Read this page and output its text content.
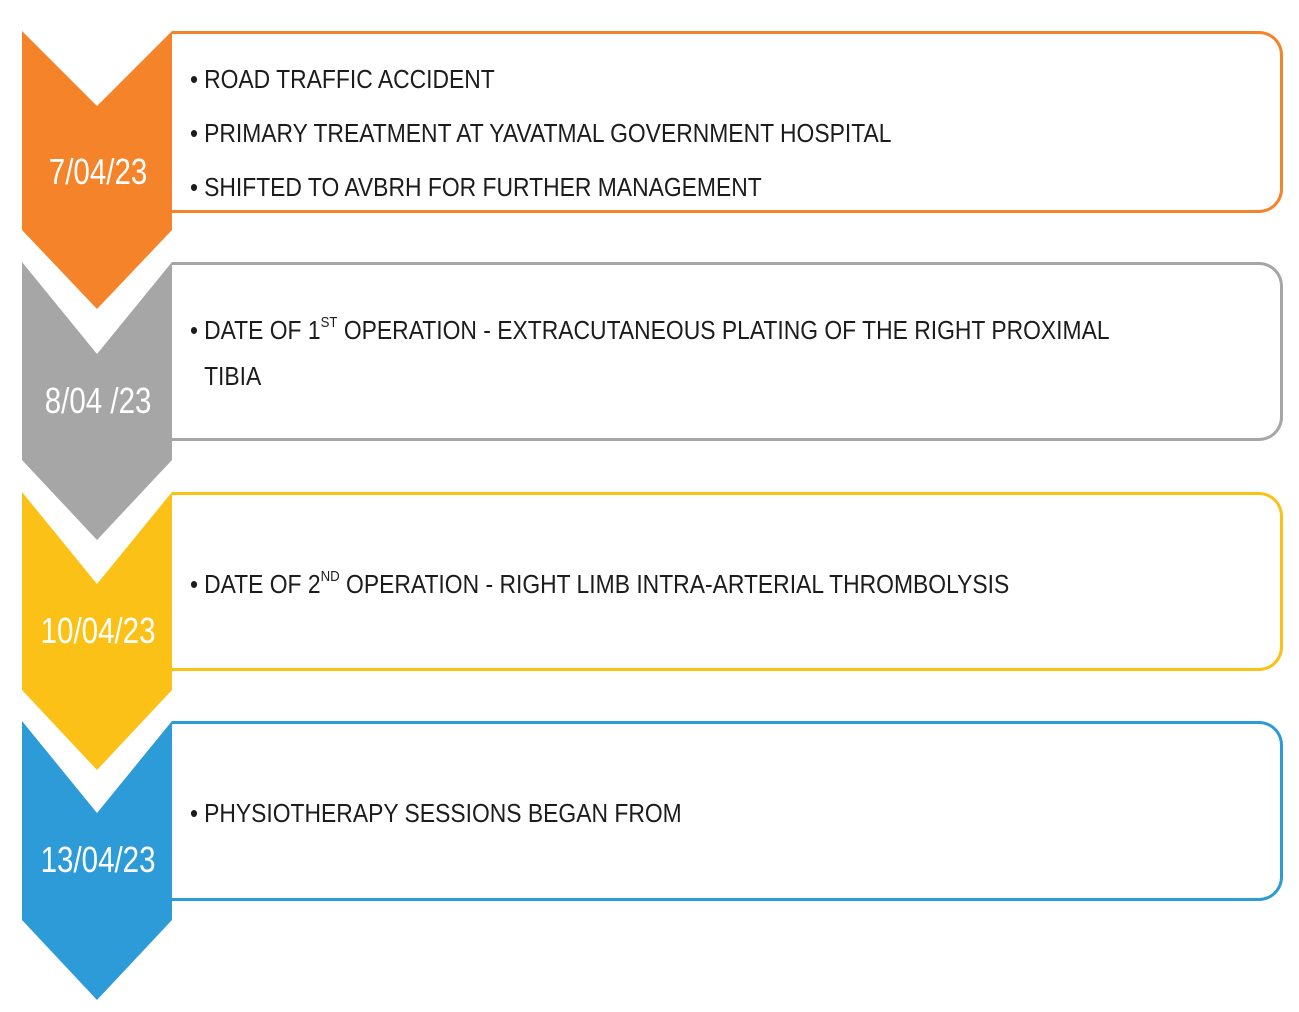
7/04/23
8/04 /23
10/04/23
13/04/23
• ROAD TRAFFIC ACCIDENT
• PRIMARY TREATMENT AT YAVATMAL GOVERNMENT HOSPITAL
• SHIFTED TO AVBRH FOR FURTHER MANAGEMENT
• DATE OF 1ST OPERATION - EXTRACUTANEOUS PLATING OF THE RIGHT PROXIMAL
TIBIA
• DATE OF 2ND OPERATION - RIGHT LIMB INTRA-ARTERIAL THROMBOLYSIS
• PHYSIOTHERAPY SESSIONS BEGAN FROM
